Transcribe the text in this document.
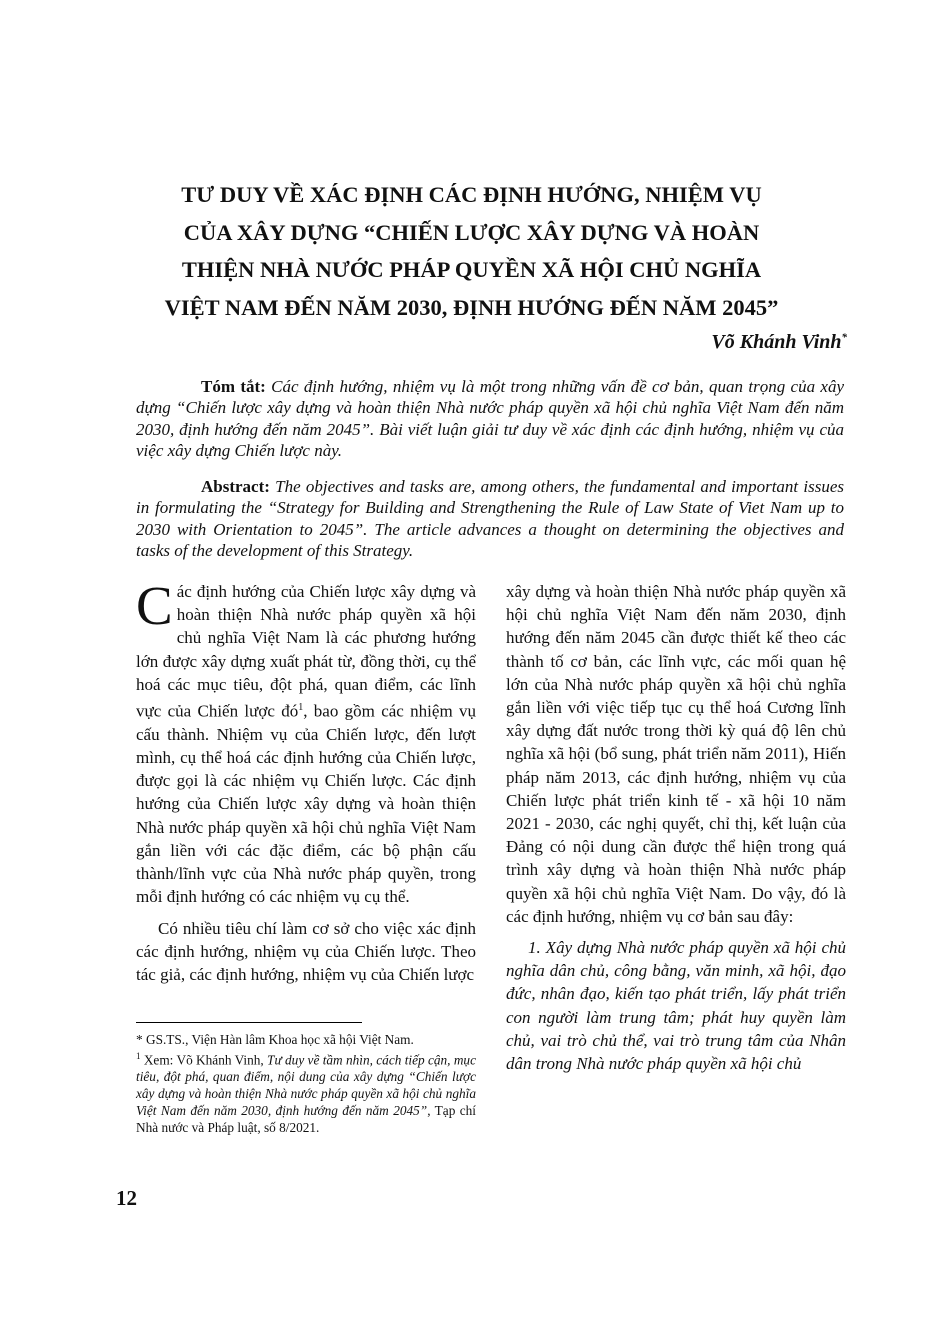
TƯ DUY VỀ XÁC ĐỊNH CÁC ĐỊNH HƯỚNG, NHIỆM VỤ
CỦA XÂY DỰNG “CHIẾN LƯỢC XÂY DỰNG VÀ HOÀN
THIỆN NHÀ NƯỚC PHÁP QUYỀN XÃ HỘI CHỦ NGHĨA
VIỆT NAM ĐẾN NĂM 2030, ĐỊNH HƯỚNG ĐẾN NĂM 2045”
Võ Khánh Vinh*

Tóm tắt: Các định hướng, nhiệm vụ là một trong những vấn đề cơ bản, quan trọng của xây dựng “Chiến lược xây dựng và hoàn thiện Nhà nước pháp quyền xã hội chủ nghĩa Việt Nam đến năm 2030, định hướng đến năm 2045”. Bài viết luận giải tư duy về xác định các định hướng, nhiệm vụ của việc xây dựng Chiến lược này.

Abstract: The objectives and tasks are, among others, the fundamental and important issues in formulating the “Strategy for Building and Strengthening the Rule of Law State of Viet Nam up to 2030 with Orientation to 2045”. The article advances a thought on determining the objectives and tasks of the development of this Strategy.

Các định hướng của Chiến lược xây dựng và hoàn thiện Nhà nước pháp quyền xã hội chủ nghĩa Việt Nam là các phương hướng lớn được xây dựng xuất phát từ, đồng thời, cụ thể hoá các mục tiêu, đột phá, quan điểm, các lĩnh vực của Chiến lược $đó^1$, bao gồm các nhiệm vụ cấu thành. Nhiệm vụ của Chiến lược, đến lượt mình, cụ thể hoá các định hướng của Chiến lược, được gọi là các nhiệm vụ Chiến lược. Các định hướng của Chiến lược xây dựng và hoàn thiện Nhà nước pháp quyền xã hội chủ nghĩa Việt Nam gắn liền với các đặc điểm, các bộ phận cấu thành/lĩnh vực của Nhà nước pháp quyền, trong mỗi định hướng có các nhiệm vụ cụ thể.

Có nhiều tiêu chí làm cơ sở cho việc xác định các định hướng, nhiệm vụ của Chiến lược. Theo tác giả, các định hướng, nhiệm vụ của Chiến lược

xây dựng và hoàn thiện Nhà nước pháp quyền xã hội chủ nghĩa Việt Nam đến năm 2030, định hướng đến năm 2045 cần được thiết kế theo các thành tố cơ bản, các lĩnh vực, các mối quan hệ lớn của Nhà nước pháp quyền xã hội chủ nghĩa gắn liền với việc tiếp tục cụ thể hoá Cương lĩnh xây dựng đất nước trong thời kỳ quá độ lên chủ nghĩa xã hội (bổ sung, phát triển năm 2011), Hiến pháp năm 2013, các định hướng, nhiệm vụ của Chiến lược phát triển kinh tế - xã hội 10 năm 2021 - 2030, các nghị quyết, chỉ thị, kết luận của Đảng có nội dung cần được thể hiện trong quá trình xây dựng và hoàn thiện Nhà nước pháp quyền xã hội chủ nghĩa Việt Nam. Do vậy, đó là các định hướng, nhiệm vụ cơ bản sau đây:

1. Xây dựng Nhà nước pháp quyền xã hội chủ nghĩa dân chủ, công bằng, văn minh, xã hội, đạo đức, nhân đạo, kiến tạo phát triển, lấy phát triển con người làm trung tâm; phát huy quyền làm chủ, vai trò chủ thể, vai trò trung tâm của Nhân dân trong Nhà nước pháp quyền xã hội chủ

* GS.TS., Viện Hàn lâm Khoa học xã hội Việt Nam.

$^1$ Xem: Võ Khánh Vinh, Tư duy về tầm nhìn, cách tiếp cận, mục tiêu, đột phá, quan điểm, nội dung của xây dựng “Chiến lược xây dựng và hoàn thiện Nhà nước pháp quyền xã hội chủ nghĩa Việt Nam đến năm 2030, định hướng đến năm 2045”, Tạp chí Nhà nước và Pháp luật, số 8/2021.

12
